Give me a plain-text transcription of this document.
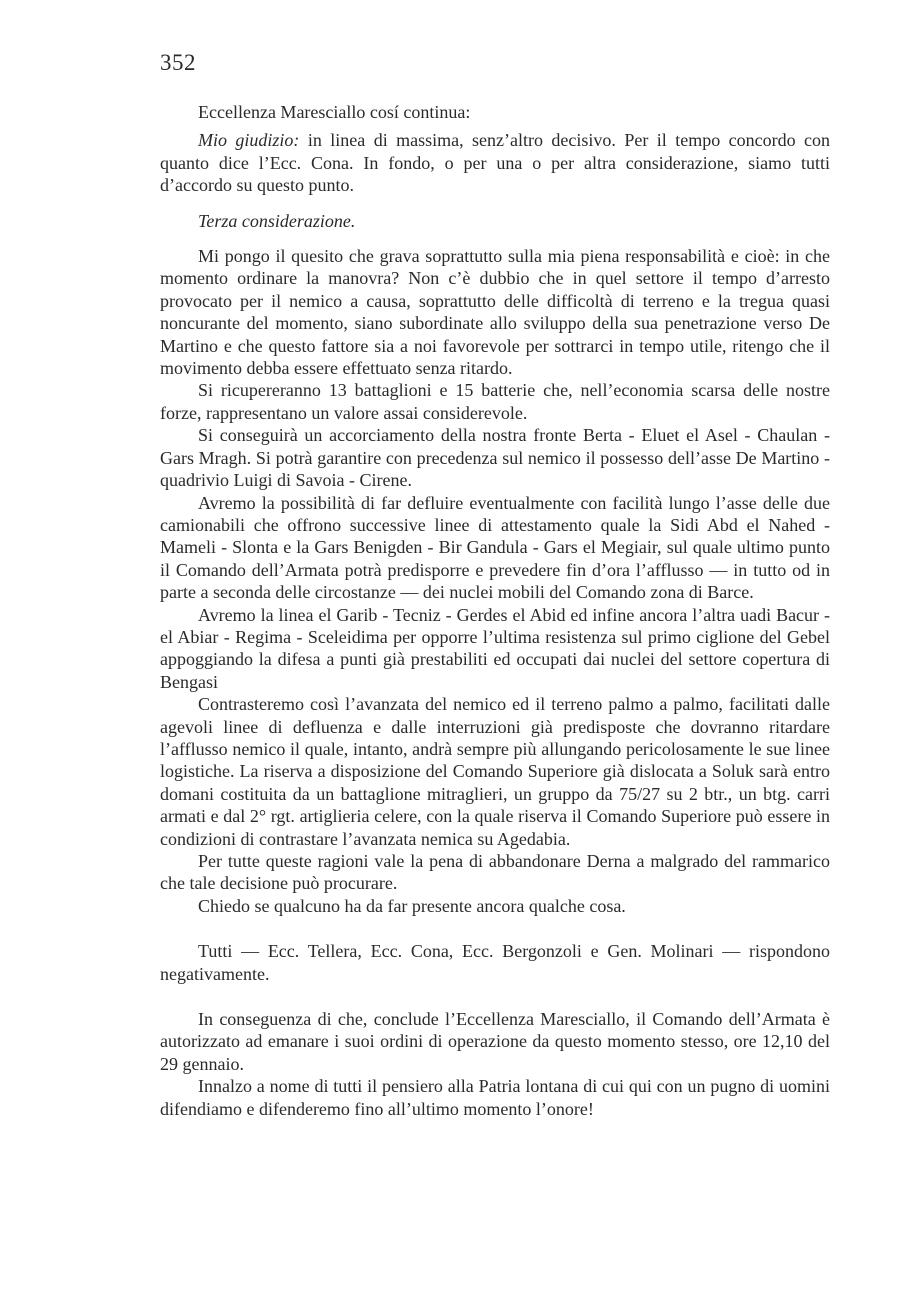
352

Eccellenza Maresciallo cosí continua:

Mio giudizio: in linea di massima, senz’altro decisivo. Per il tempo concordo con quanto dice l’Ecc. Cona. In fondo, o per una o per altra considerazione, siamo tutti d’accordo su questo punto.

Terza considerazione.

Mi pongo il quesito che grava soprattutto sulla mia piena responsabilità e cioè: in che momento ordinare la manovra? Non c’è dubbio che in quel settore il tempo d’arresto provocato per il nemico a causa, soprattutto delle difficoltà di terreno e la tregua quasi noncurante del momento, siano subordinate allo sviluppo della sua penetrazione verso De Martino e che questo fattore sia a noi favorevole per sottrarci in tempo utile, ritengo che il movimento debba essere effettuato senza ritardo.

Si ricupereranno 13 battaglioni e 15 batterie che, nell’economia scarsa delle nostre forze, rappresentano un valore assai considerevole.

Si conseguirà un accorciamento della nostra fronte Berta - Eluet el Asel - Chaulan - Gars Mragh. Si potrà garantire con precedenza sul nemico il possesso dell’asse De Martino - quadrivio Luigi di Savoia - Cirene.

Avremo la possibilità di far defluire eventualmente con facilità lungo l’asse delle due camionabili che offrono successive linee di attestamento quale la Sidi Abd el Nahed - Mameli - Slonta e la Gars Benigden - Bir Gandula - Gars el Megiair, sul quale ultimo punto il Comando dell’Armata potrà predisporre e prevedere fin d’ora l’afflusso — in tutto od in parte a seconda delle circostanze — dei nuclei mobili del Comando zona di Barce.

Avremo la linea el Garib - Tecniz - Gerdes el Abid ed infine ancora l’altra uadi Bacur - el Abiar - Regima - Sceleidima per opporre l’ultima resistenza sul primo ciglione del Gebel appoggiando la difesa a punti già prestabiliti ed occupati dai nuclei del settore copertura di Bengasi

Contrasteremo così l’avanzata del nemico ed il terreno palmo a palmo, facilitati dalle agevoli linee di defluenza e dalle interruzioni già predisposte che dovranno ritardare l’afflusso nemico il quale, intanto, andrà sempre più allungando pericolosamente le sue linee logistiche. La riserva a disposizione del Comando Superiore già dislocata a Soluk sarà entro domani costituita da un battaglione mitraglieri, un gruppo da 75/27 su 2 btr., un btg. carri armati e dal 2° rgt. artiglieria celere, con la quale riserva il Comando Superiore può essere in condizioni di contrastare l’avanzata nemica su Agedabia.

Per tutte queste ragioni vale la pena di abbandonare Derna a malgrado del rammarico che tale decisione può procurare.

Chiedo se qualcuno ha da far presente ancora qualche cosa.

Tutti — Ecc. Tellera, Ecc. Cona, Ecc. Bergonzoli e Gen. Molinari — rispondono negativamente.

In conseguenza di che, conclude l’Eccellenza Maresciallo, il Comando dell’Armata è autorizzato ad emanare i suoi ordini di operazione da questo momento stesso, ore 12,10 del 29 gennaio.

Innalzo a nome di tutti il pensiero alla Patria lontana di cui qui con un pugno di uomini difendiamo e difenderemo fino all’ultimo momento l’onore!
